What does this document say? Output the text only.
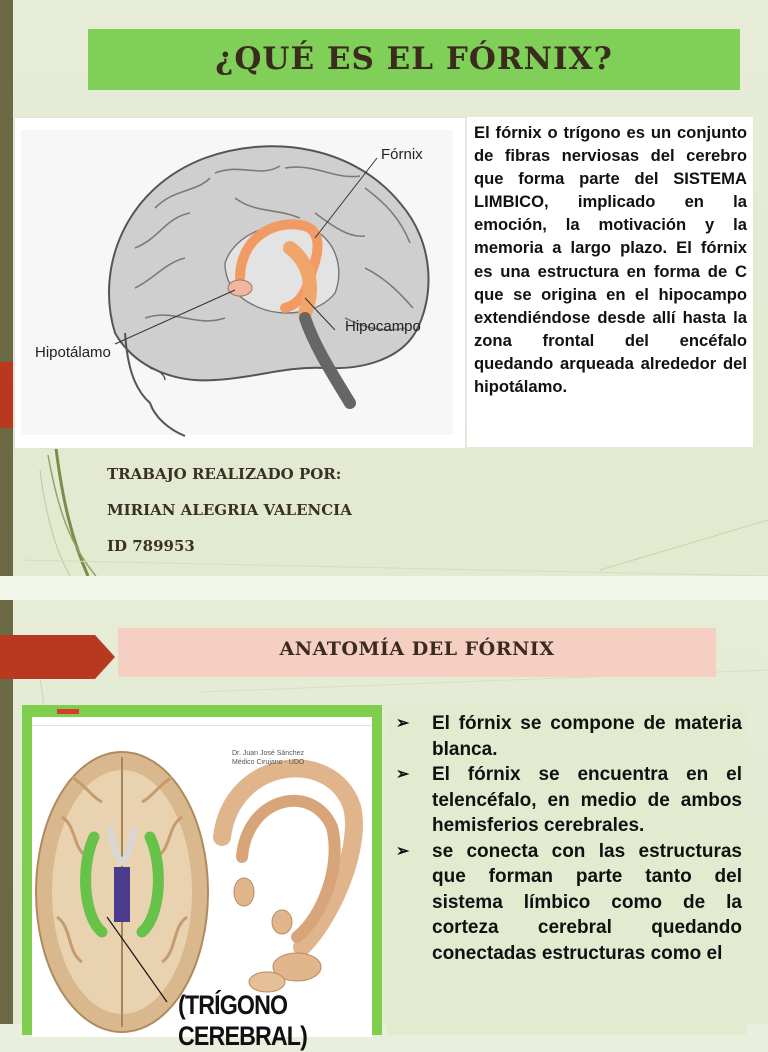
¿QUÉ ES EL FÓRNIX?
Fórnix
Hipocampo
Hipotálamo

El fórnix o trígono es un conjunto de fibras nerviosas del cerebro que forma parte del SISTEMA LIMBICO, implicado en la emoción, la motivación y la memoria a largo plazo. El fórnix es una estructura en forma de C que se origina en el hipocampo extendiéndose desde allí hasta la zona frontal del encéfalo quedando arqueada alrededor del hipotálamo.

TRABAJO REALIZADO POR:
MIRIAN ALEGRIA VALENCIA
ID 789953
ANATOMÍA DEL FÓRNIX
Dr. Juan José Sánchez
Médico Cirujano - UDO
(TRÍGONO CEREBRAL)
➢ El fórnix se compone de materia blanca.
➢ El fórnix se encuentra en el telencéfalo, en medio de ambos hemisferios cerebrales.
➢ se conecta con las estructuras que forman parte tanto del sistema límbico como de la corteza cerebral quedando conectadas estructuras como el
